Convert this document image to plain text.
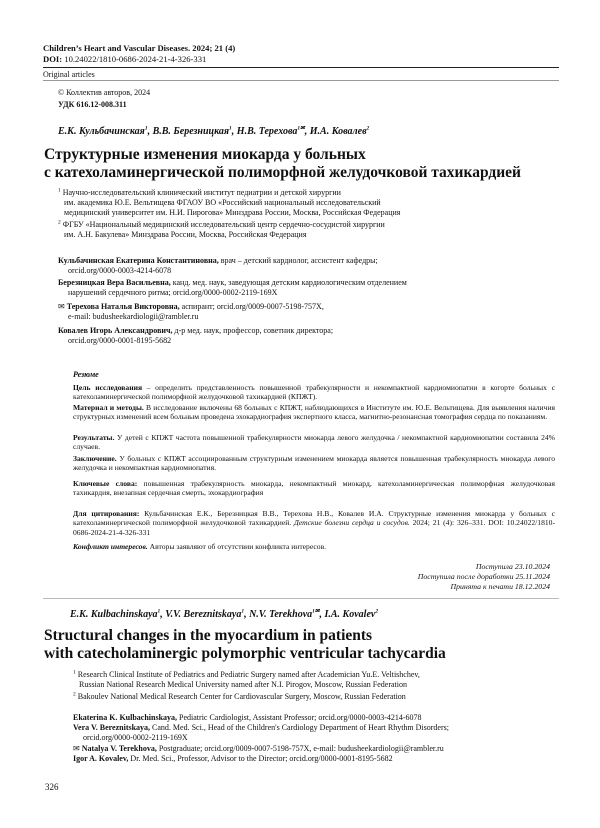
Children’s Heart and Vascular Diseases. 2024; 21 (4)
DOI: 10.24022/1810-0686-2024-21-4-326-331
Original articles
© Коллектив авторов, 2024
УДК 616.12-008.311
Е.К. Кульбачинская$^1$, В.В. Березницкая$^1$, Н.В. Терехова$^{1✉}$, И.А. Ковалев$^2$
Структурные изменения миокарда у больных
с катехоламинергической полиморфной желудочковой тахикардией
$^1$ Научно-исследовательский клинический институт педиатрии и детской хирургии
им. академика Ю.Е. Вельтищева ФГАОУ ВО «Российский национальный исследовательский
медицинский университет им. Н.И. Пирогова» Минздрава России, Москва, Российская Федерация
$^2$ ФГБУ «Национальный медицинский исследовательский центр сердечно-сосудистой хирургии
им. А.Н. Бакулева» Минздрава России, Москва, Российская Федерация
Кульбачинская Екатерина Константиновна, врач – детский кардиолог, ассистент кафедры;
orcid.org/0000-0003-4214-6078
Березницкая Вера Васильевна, канд. мед. наук, заведующая детским кардиологическим отделением
нарушений сердечного ритма; orcid.org/0000-0002-2119-169X
✉ Терехова Наталья Викторовна, аспирант; orcid.org/0009-0007-5198-757X,
e-mail: budusheekardiologii@rambler.ru
Ковалев Игорь Александрович, д-р мед. наук, профессор, советник директора;
orcid.org/0000-0001-8195-5682
Резюме
Цель исследования – определить представленность повышенной трабекулярности и некомпактной кардиомиопатии в когорте больных с катехоламинергической полиморфной желудочковой тахикардией (КПЖТ).
Материал и методы. В исследование включены 68 больных с КПЖТ, наблюдающихся в Институте им. Ю.Е. Вельтищева. Для выявления наличия структурных изменений всем больным проведена эхокардиография экспертного класса, магнитно-резонансная томография сердца по показаниям.
Результаты. У детей с КПЖТ частота повышенной трабекулярности миокарда левого желудочка / некомпактной кардиомиопатии составила 24% случаев.
Заключение. У больных с КПЖТ ассоциированным структурным изменением миокарда является повышенная трабекулярность миокарда левого желудочка и некомпактная кардиомиопатия.
Ключевые слова: повышенная трабекулярность миокарда, некомпактный миокард, катехоламинергическая полиморфная желудочковая тахикардия, внезапная сердечная смерть, эхокардиография
Для цитирования: Кульбачинская Е.К., Березницкая В.В., Терехова Н.В., Ковалев И.А. Структурные изменения миокарда у больных с катехоламинергической полиморфной желудочковой тахикардией. Детские болезни сердца и сосудов. 2024; 21 (4): 326–331. DOI: 10.24022/1810-0686-2024-21-4-326-331
Конфликт интересов. Авторы заявляют об отсутствии конфликта интересов.
Поступила 23.10.2024
Поступила после доработки 25.11.2024
Принята к печати 18.12.2024
E.K. Kulbachinskaya$^1$, V.V. Bereznitskaya$^1$, N.V. Terekhova$^{1✉}$, I.A. Kovalev$^2$
Structural changes in the myocardium in patients
with catecholaminergic polymorphic ventricular tachycardia
$^1$ Research Clinical Institute of Pediatrics and Pediatric Surgery named after Academician Yu.E. Veltishchev,
Russian National Research Medical University named after N.I. Pirogov, Moscow, Russian Federation
$^2$ Bakoulev National Medical Research Center for Cardiovascular Surgery, Moscow, Russian Federation
Ekaterina K. Kulbachinskaya, Pediatric Cardiologist, Assistant Professor; orcid.org/0000-0003-4214-6078
Vera V. Bereznitskaya, Cand. Med. Sci., Head of the Children's Cardiology Department of Heart Rhythm Disorders;
orcid.org/0000-0002-2119-169X
✉ Natalya V. Terekhova, Postgraduate; orcid.org/0009-0007-5198-757X, e-mail: budusheekardiologii@rambler.ru
Igor A. Kovalev, Dr. Med. Sci., Professor, Advisor to the Director; orcid.org/0000-0001-8195-5682
326
